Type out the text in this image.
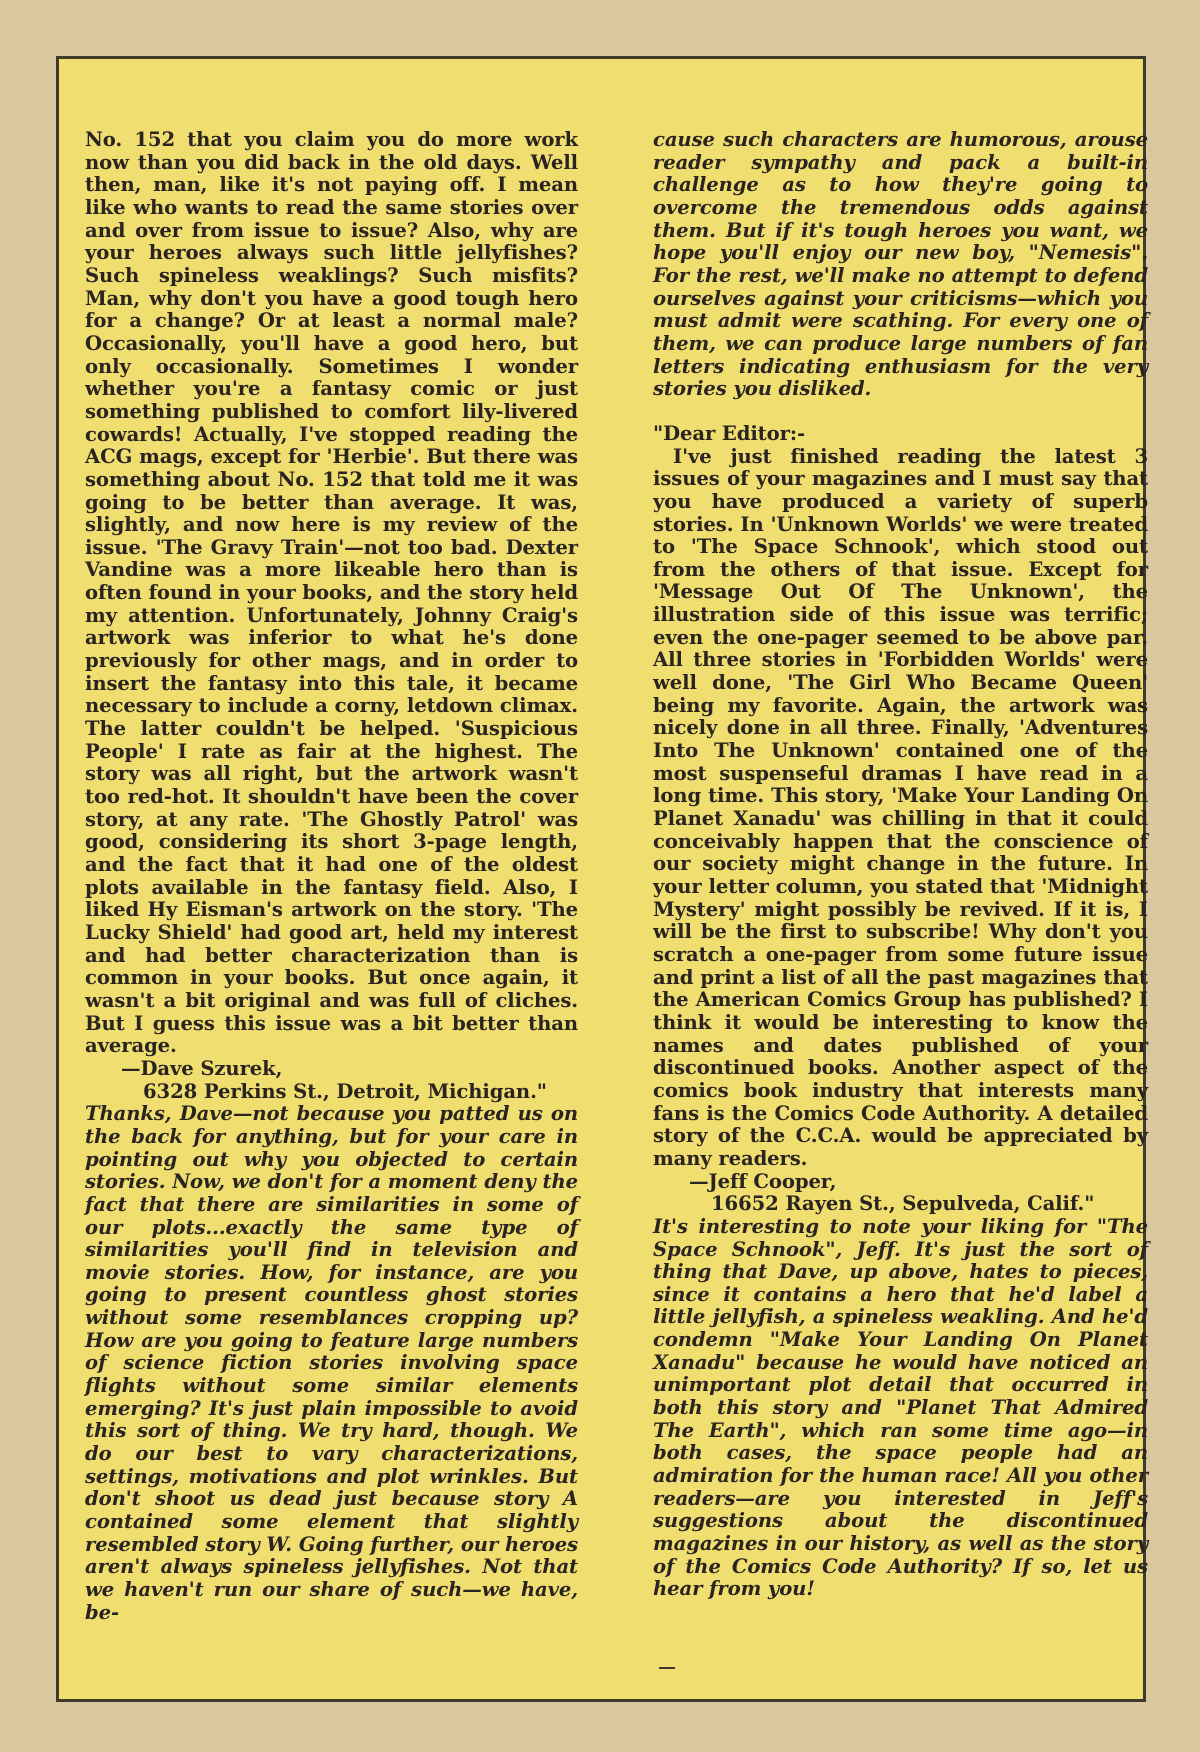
No. 152 that you claim you do more work now than you did back in the old days. Well then, man, like it's not paying off. I mean like who wants to read the same stories over and over from issue to issue? Also, why are your heroes always such little jellyfishes? Such spineless weaklings? Such misfits? Man, why don't you have a good tough hero for a change? Or at least a normal male? Occasionally, you'll have a good hero, but only occasionally. Sometimes I wonder whether you're a fantasy comic or just something published to comfort lily-livered cowards! Actually, I've stopped reading the ACG mags, except for 'Herbie'. But there was something about No. 152 that told me it was going to be better than average. It was, slightly, and now here is my review of the issue. 'The Gravy Train'—not too bad. Dexter Vandine was a more likeable hero than is often found in your books, and the story held my attention. Unfortunately, Johnny Craig's artwork was inferior to what he's done previously for other mags, and in order to insert the fantasy into this tale, it became necessary to include a corny, letdown climax. The latter couldn't be helped. 'Suspicious People' I rate as fair at the highest. The story was all right, but the artwork wasn't too red-hot. It shouldn't have been the cover story, at any rate. 'The Ghostly Patrol' was good, considering its short 3-page length, and the fact that it had one of the oldest plots available in the fantasy field. Also, I liked Hy Eisman's artwork on the story. 'The Lucky Shield' had good art, held my interest and had better characterization than is common in your books. But once again, it wasn't a bit original and was full of cliches. But I guess this issue was a bit better than average.

—Dave Szurek,

6328 Perkins St., Detroit, Michigan."

Thanks, Dave—not because you patted us on the back for anything, but for your care in pointing out why you objected to certain stories. Now, we don't for a moment deny the fact that there are similarities in some of our plots...exactly the same type of similarities you'll find in television and movie stories. How, for instance, are you going to present countless ghost stories without some resemblances cropping up? How are you going to feature large numbers of science fiction stories involving space flights without some similar elements emerging? It's just plain impossible to avoid this sort of thing. We try hard, though. We do our best to vary characterizations, settings, motivations and plot wrinkles. But don't shoot us dead just because story A contained some element that slightly resembled story W. Going further, our heroes aren't always spineless jellyfishes. Not that we haven't run our share of such—we have, be-

cause such characters are humorous, arouse reader sympathy and pack a built-in challenge as to how they're going to overcome the tremendous odds against them. But if it's tough heroes you want, we hope you'll enjoy our new boy, "Nemesis". For the rest, we'll make no attempt to defend ourselves against your criticisms—which you must admit were scathing. For every one of them, we can produce large numbers of fan letters indicating enthusiasm for the very stories you disliked.

"Dear Editor:-

I've just finished reading the latest 3 issues of your magazines and I must say that you have produced a variety of superb stories. In 'Unknown Worlds' we were treated to 'The Space Schnook', which stood out from the others of that issue. Except for 'Message Out Of The Unknown', the illustration side of this issue was terrific; even the one-pager seemed to be above par. All three stories in 'Forbidden Worlds' were well done, 'The Girl Who Became Queen' being my favorite. Again, the artwork was nicely done in all three. Finally, 'Adventures Into The Unknown' contained one of the most suspenseful dramas I have read in a long time. This story, 'Make Your Landing On Planet Xanadu' was chilling in that it could conceivably happen that the conscience of our society might change in the future. In your letter column, you stated that 'Midnight Mystery' might possibly be revived. If it is, I will be the first to subscribe! Why don't you scratch a one-pager from some future issue and print a list of all the past magazines that the American Comics Group has published? I think it would be interesting to know the names and dates published of your discontinued books. Another aspect of the comics book industry that interests many fans is the Comics Code Authority. A detailed story of the C.C.A. would be appreciated by many readers.

—Jeff Cooper,

16652 Rayen St., Sepulveda, Calif."

It's interesting to note your liking for "The Space Schnook", Jeff. It's just the sort of thing that Dave, up above, hates to pieces, since it contains a hero that he'd label a little jellyfish, a spineless weakling. And he'd condemn "Make Your Landing On Planet Xanadu" because he would have noticed an unimportant plot detail that occurred in both this story and "Planet That Admired The Earth", which ran some time ago—in both cases, the space people had an admiration for the human race! All you other readers—are you interested in Jeff's suggestions about the discontinued magazines in our history, as well as the story of the Comics Code Authority? If so, let us hear from you!
